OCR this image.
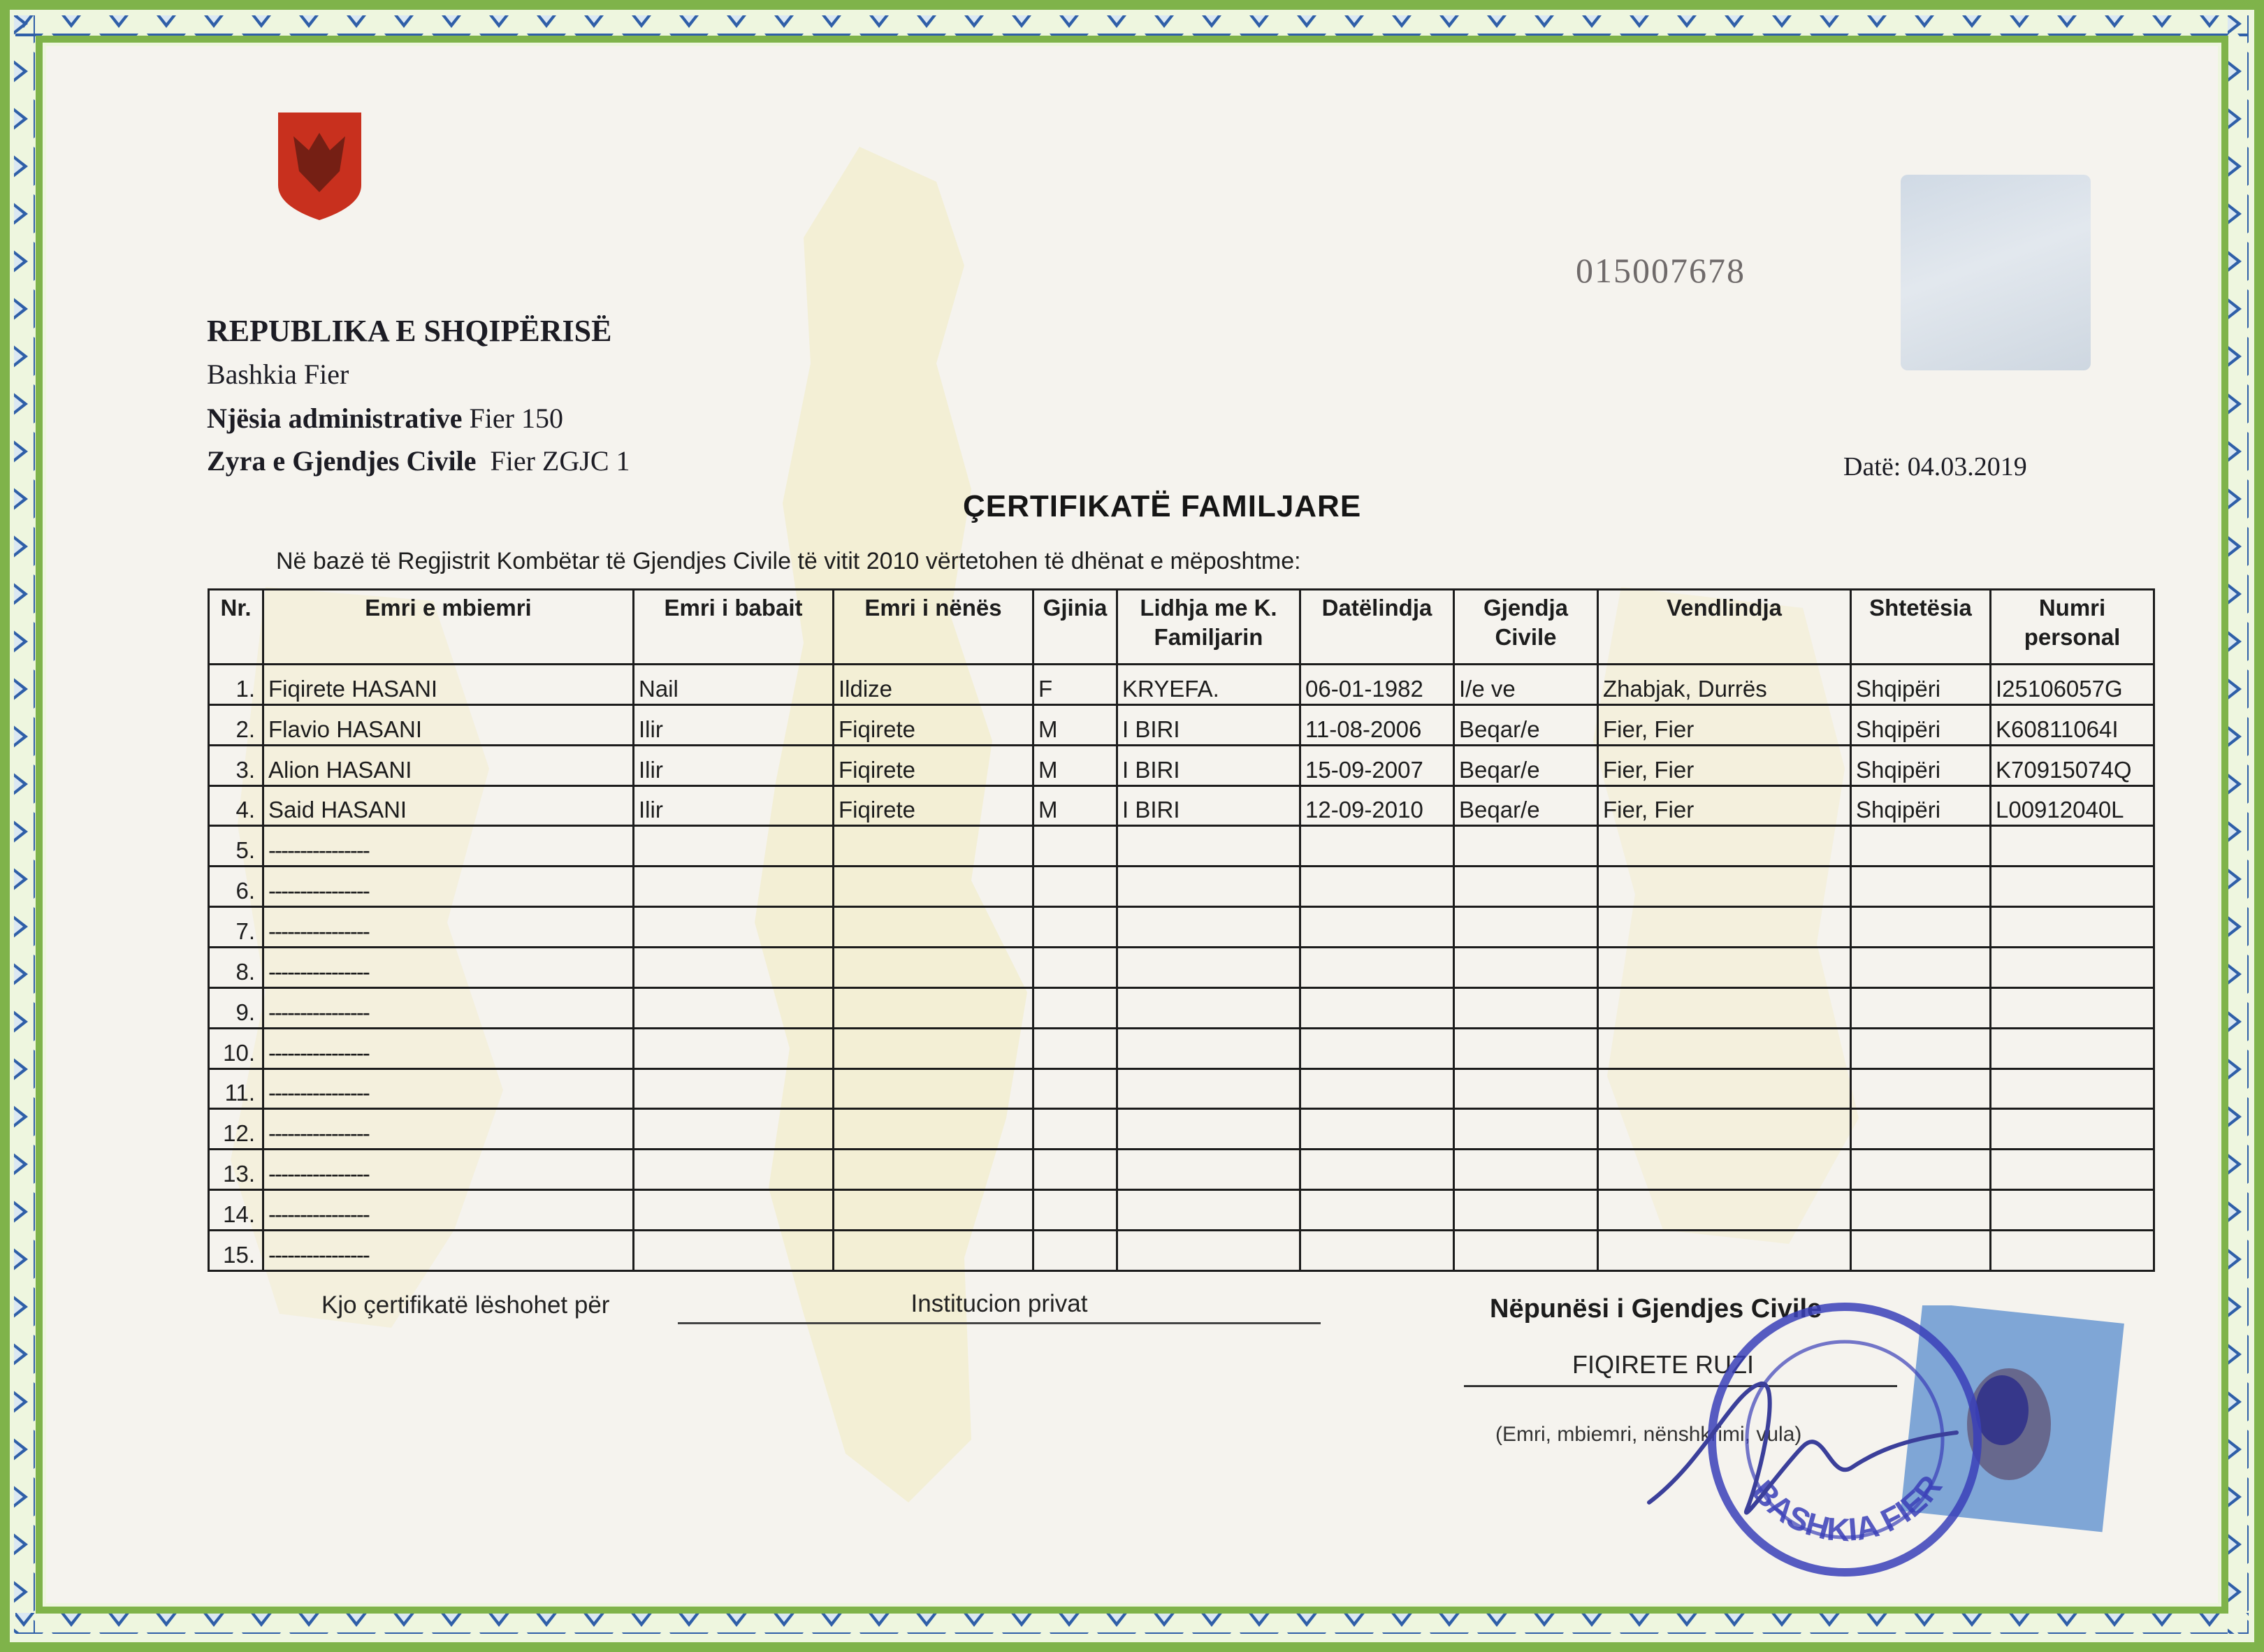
015007678
REPUBLIKA E SHQIPËRISË
Bashkia Fier
Njësia administrative Fier 150
Zyra e Gjendjes Civile Fier ZGJC 1	Datë: 04.03.2019
ÇERTIFIKATË FAMILJARE
Në bazë të Regjistrit Kombëtar të Gjendjes Civile të vitit 2010 vërtetohen të dhënat e mëposhtme:
Nr.	Emri e mbiemri	Emri i babait	Emri i nënës	Gjinia	Lidhja me K. Familjarin	Datëlindja	Gjendja Civile	Vendlindja	Shtetësia	Numri personal
1.	Fiqirete HASANI	Nail	Ildize	F	KRYEFA.	06-01-1982	I/e ve	Zhabjak, Durrës	Shqipëri	I25106057G
2.	Flavio HASANI	Ilir	Fiqirete	M	I BIRI	11-08-2006	Beqar/e	Fier, Fier	Shqipëri	K60811064I
3.	Alion HASANI	Ilir	Fiqirete	M	I BIRI	15-09-2007	Beqar/e	Fier, Fier	Shqipëri	K70915074Q
4.	Said HASANI	Ilir	Fiqirete	M	I BIRI	12-09-2010	Beqar/e	Fier, Fier	Shqipëri	L00912040L
5.	----------------									
6.	----------------									
7.	----------------									
8.	----------------									
9.	----------------									
10.	----------------									
11.	----------------									
12.	----------------									
13.	----------------									
14.	----------------									
15.	----------------									
Kjo çertifikatë lëshohet për	Institucion privat	Nëpunësi i Gjendjes Civile
FIQIRETE RUZI
(Emri, mbiemri, nënshkrimi, vula)
BASHKIA FIER
